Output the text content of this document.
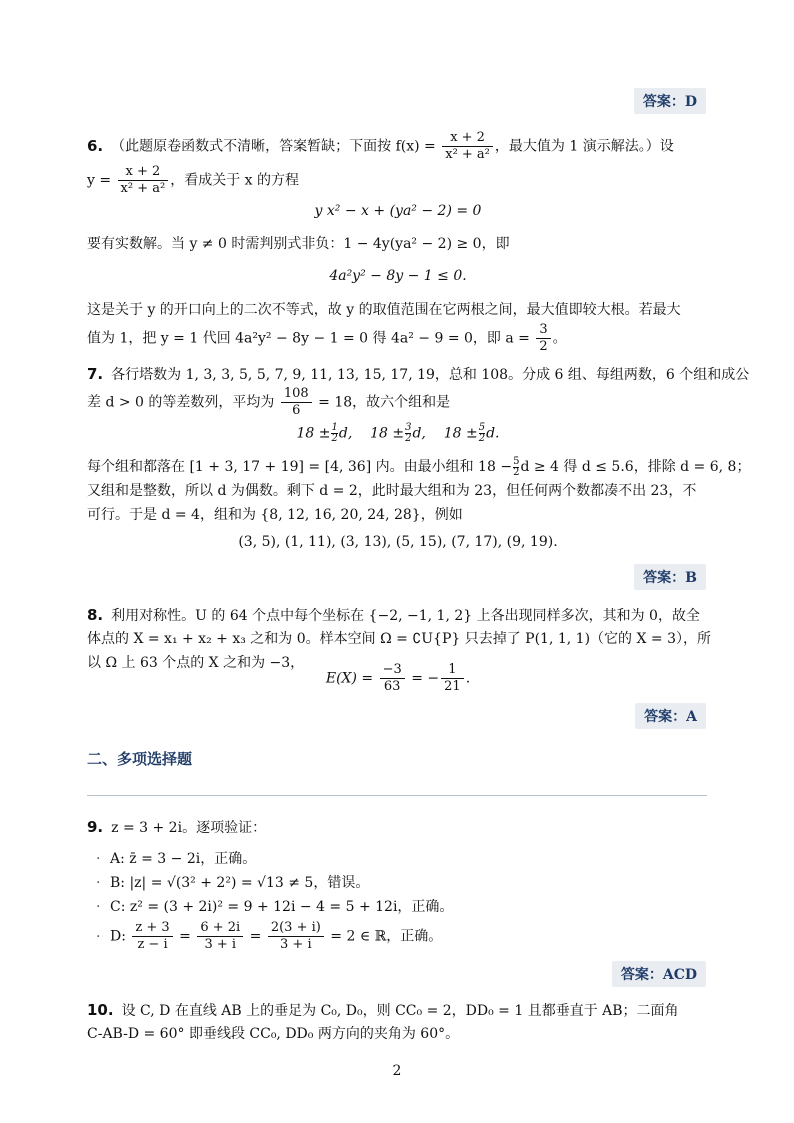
答案：D
6. （此题原卷函数式不清晰，答案暂缺；下面按 $f(x) = \frac{x + 2}{\text{x² + a²}}$ ，最大值为 1 演示解法。）设
$y = \frac{x + 2}{\text{x² + a²}}$ ，看成关于 x 的方程
y x² − x + (ya² − 2) = 0
要有实数解。当 y ≠ 0 时需判别式非负：1 − 4y(ya² − 2) ≥ 0，即
4a²y² − 8y − 1 ≤ 0.
这是关于 y 的开口向上的二次不等式，故 y 的取值范围在它两根之间，最大值即较大根。若最大
值为 1，把 y = 1 代回 4a²y² − 8y − 1 = 0 得 4a² − 9 = 0，即 $a = \frac{3}{2}$ 。
7. 各行塔数为 1, 3, 3, 5, 5, 7, 9, 11, 13, 15, 17, 19，总和 108。分成 6 组、每组两数，6 个组和成公
差 d > 0 的等差数列，平均为 $\frac{108}{6} = 18$，故六个组和是
$18 \pm \frac{1}{2} d$, $18 \pm \frac{3}{2} d$, $18 \pm \frac{5}{2} d$.
每个组和都落在 [1 + 3, 17 + 19] = [4, 36] 内。由最小组和 $18 - \frac{5}{2}$ d ≥ 4 得 d ≤ 5.6，排除 d = 6, 8；
又组和是整数，所以 d 为偶数。剩下 d = 2，此时最大组和为 23，但任何两个数都凑不出 23，不
可行。于是 d = 4，组和为 {8, 12, 16, 20, 24, 28}，例如
(3, 5), (1, 11), (3, 13), (5, 15), (7, 17), (9, 19).
答案：B
8. 利用对称性。U 的 64 个点中每个坐标在 {−2, −1, 1, 2} 上各出现同样多次，其和为 0，故全
体点的 X = x₁ + x₂ + x₃ 之和为 0。样本空间 Ω = ∁U{P} 只去掉了 P(1, 1, 1)（它的 X = 3），所
以 Ω 上 63 个点的 X 之和为 −3，
$E(X) = \frac{-3}{63}$ = − $\frac{1}{21}$ .
答案：A
二、多项选择题
9. z = 3 + 2i。逐项验证：
· A: z̄ = 3 − 2i，正确。
· B: |z| = √(3² + 2²) = √13 ≠ 5，错误。
· C: z² = (3 + 2i)² = 9 + 12i − 4 = 5 + 12i，正确。
· D: $\frac{z + 3}{z - i} = \frac{6 + 2i}{3 + i} = \frac{2(3 + i)}{3 + i} = 2$ ∈ ℝ，正确。
答案：ACD
10. 设 C, D 在直线 AB 上的垂足为 C₀, D₀，则 CC₀ = 2，DD₀ = 1 且都垂直于 AB；二面角
C-AB-D = 60° 即垂线段 CC₀, DD₀ 两方向的夹角为 60°。
2
